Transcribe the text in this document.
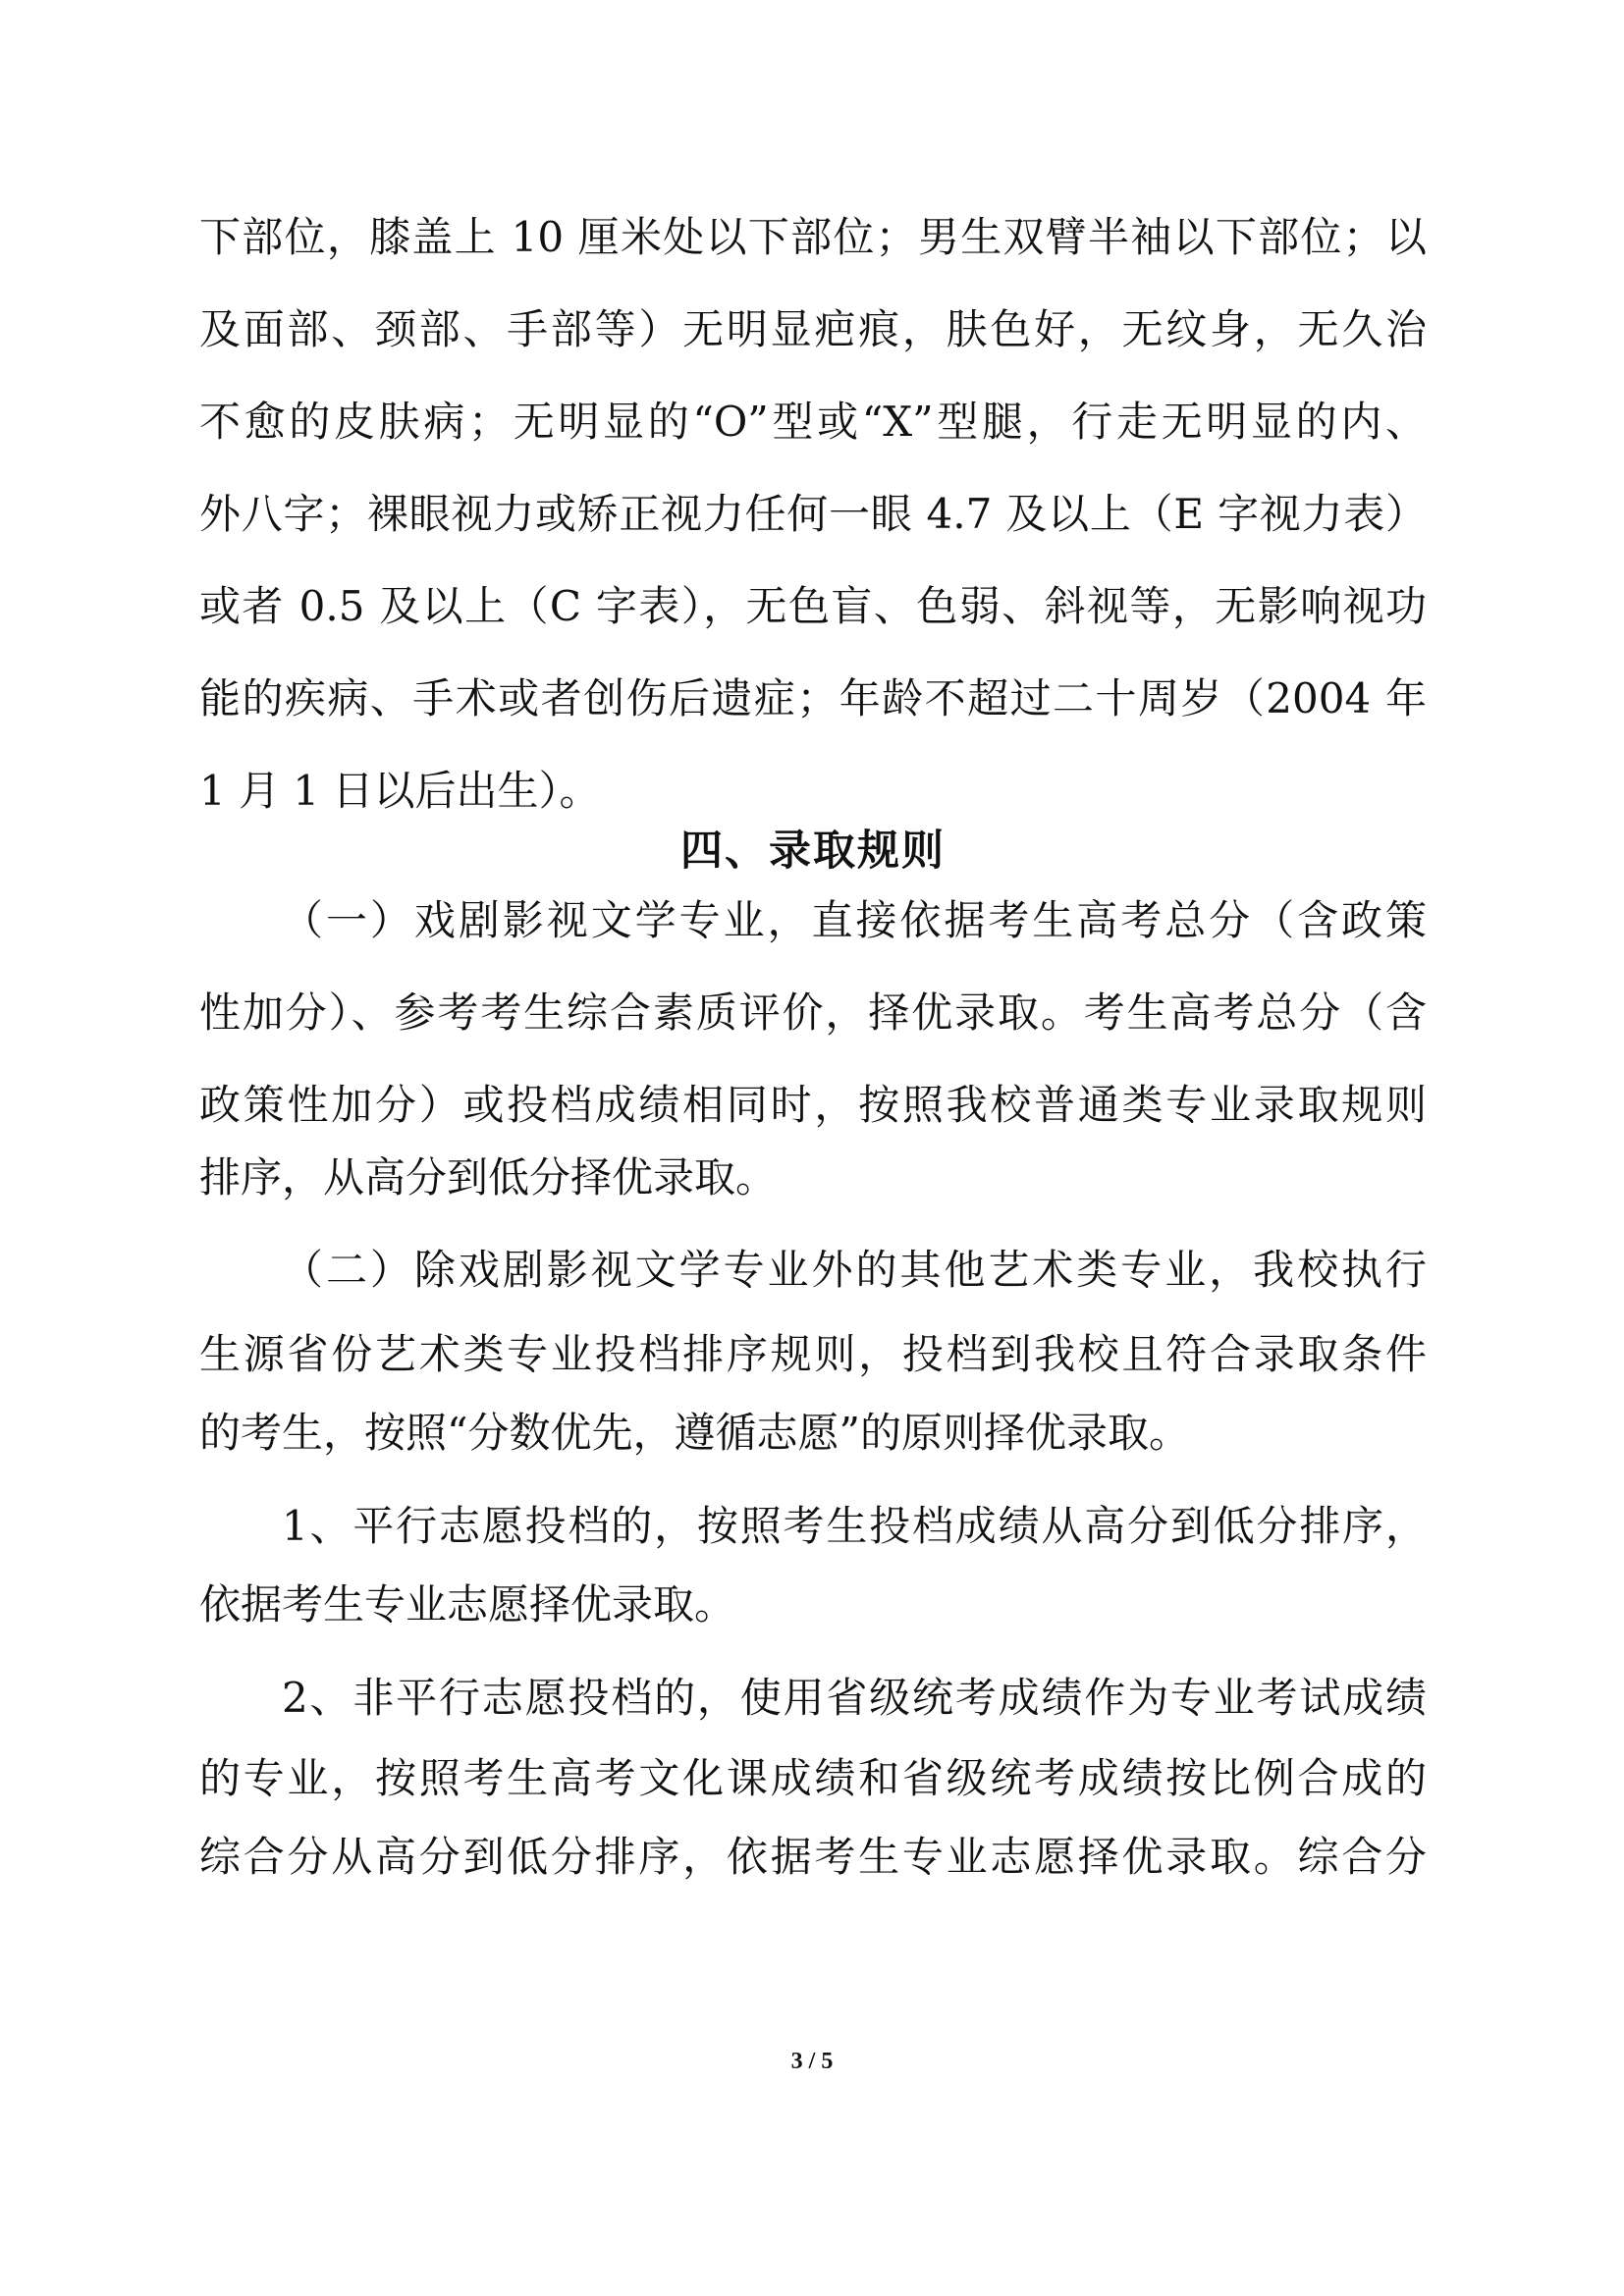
下部位，膝盖上 10 厘米处以下部位；男生双臂半袖以下部位；以
及面部、颈部、手部等）无明显疤痕，肤色好，无纹身，无久治
不愈的皮肤病；无明显的“O”型或“X”型腿，行走无明显的内、
外八字；裸眼视力或矫正视力任何一眼 4.7 及以上（E 字视力表）
或者 0.5 及以上（C 字表），无色盲、色弱、斜视等，无影响视功
能的疾病、手术或者创伤后遗症；年龄不超过二十周岁（2004 年
1 月 1 日以后出生）。
四、录取规则
（一）戏剧影视文学专业，直接依据考生高考总分（含政策
性加分）、参考考生综合素质评价，择优录取。考生高考总分（含
政策性加分）或投档成绩相同时，按照我校普通类专业录取规则
排序，从高分到低分择优录取。
（二）除戏剧影视文学专业外的其他艺术类专业，我校执行
生源省份艺术类专业投档排序规则，投档到我校且符合录取条件
的考生，按照“分数优先，遵循志愿”的原则择优录取。
1、平行志愿投档的，按照考生投档成绩从高分到低分排序，
依据考生专业志愿择优录取。
2、非平行志愿投档的，使用省级统考成绩作为专业考试成绩
的专业，按照考生高考文化课成绩和省级统考成绩按比例合成的
综合分从高分到低分排序，依据考生专业志愿择优录取。综合分
3 / 5
